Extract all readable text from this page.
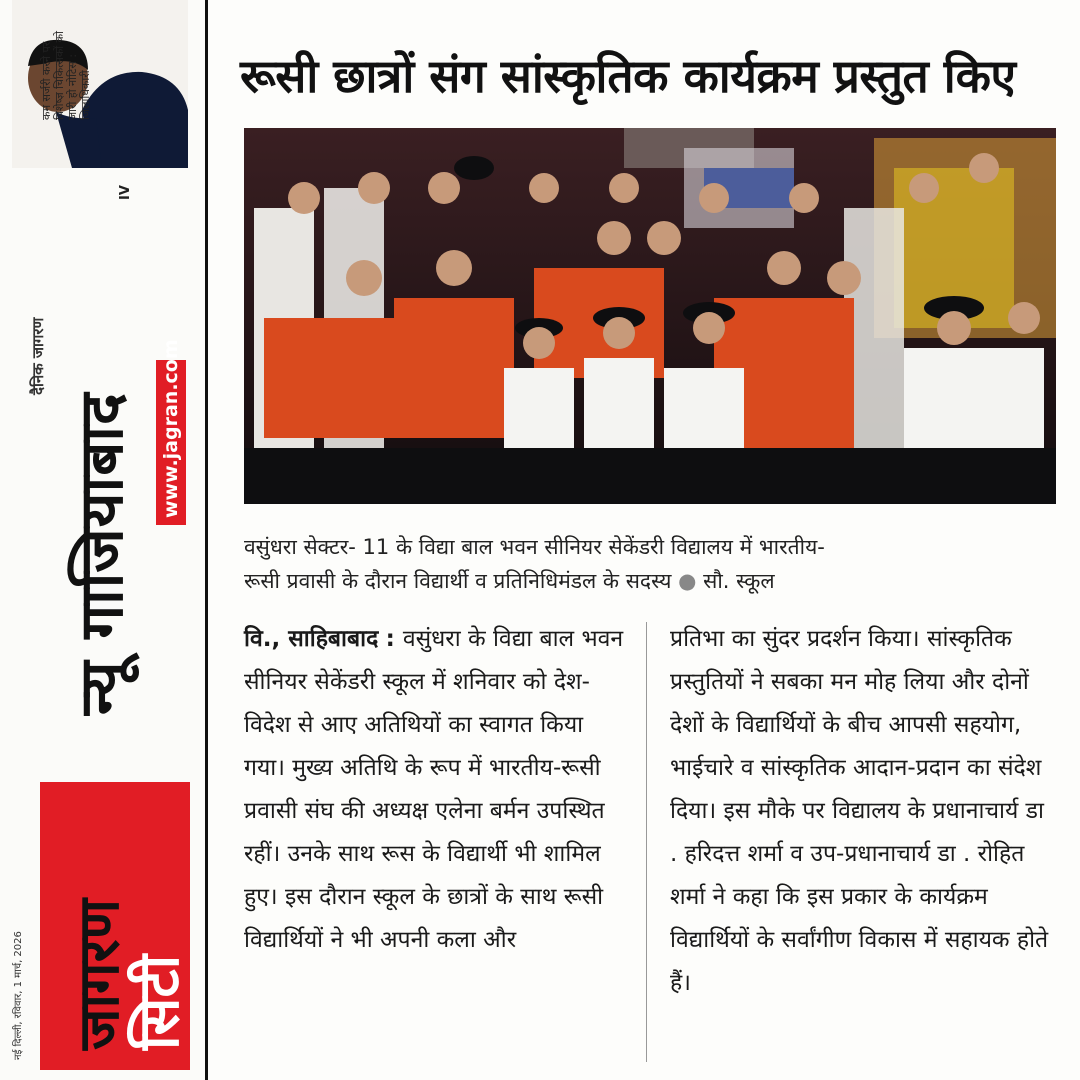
कम सर्जरी करने पर विशेष्ज्ञ चिकित्सकों को जारी हो नोटिस : जिलाधिकारी
IV
दैनिक जागरण
न्यू गाजियाबाद www.jagran.com
जागरण
सिटी
नई दिल्ली, रविवार, 1 मार्च, 2026
रूसी छात्रों संग सांस्कृतिक कार्यक्रम प्रस्तुत किए
वसुंधरा सेक्टर- 11 के विद्या बाल भवन सीनियर सेकेंडरी विद्यालय में भारतीय-
रूसी प्रवासी के दौरान विद्यार्थी व प्रतिनिधिमंडल के सदस्य ● सौ. स्कूल

वि., साहिबाबाद : वसुंधरा के विद्या बाल भवन सीनियर सेकेंडरी स्कूल में शनिवार को देश-विदेश से आए अतिथियों का स्वागत किया गया। मुख्य अतिथि के रूप में भारतीय-रूसी प्रवासी संघ की अध्यक्ष एलेना बर्मन उपस्थित रहीं। उनके साथ रूस के विद्यार्थी भी शामिल हुए। इस दौरान स्कूल के छात्रों के साथ रूसी विद्यार्थियों ने भी अपनी कला और

प्रतिभा का सुंदर प्रदर्शन किया। सांस्कृतिक प्रस्तुतियों ने सबका मन मोह लिया और दोनों देशों के विद्यार्थियों के बीच आपसी सहयोग, भाईचारे व सांस्कृतिक आदान-प्रदान का संदेश दिया। इस मौके पर विद्यालय के प्रधानाचार्य डा . हरिदत्त शर्मा व उप-प्रधानाचार्य डा . रोहित शर्मा ने कहा कि इस प्रकार के कार्यक्रम विद्यार्थियों के सर्वांगीण विकास में सहायक होते हैं।
